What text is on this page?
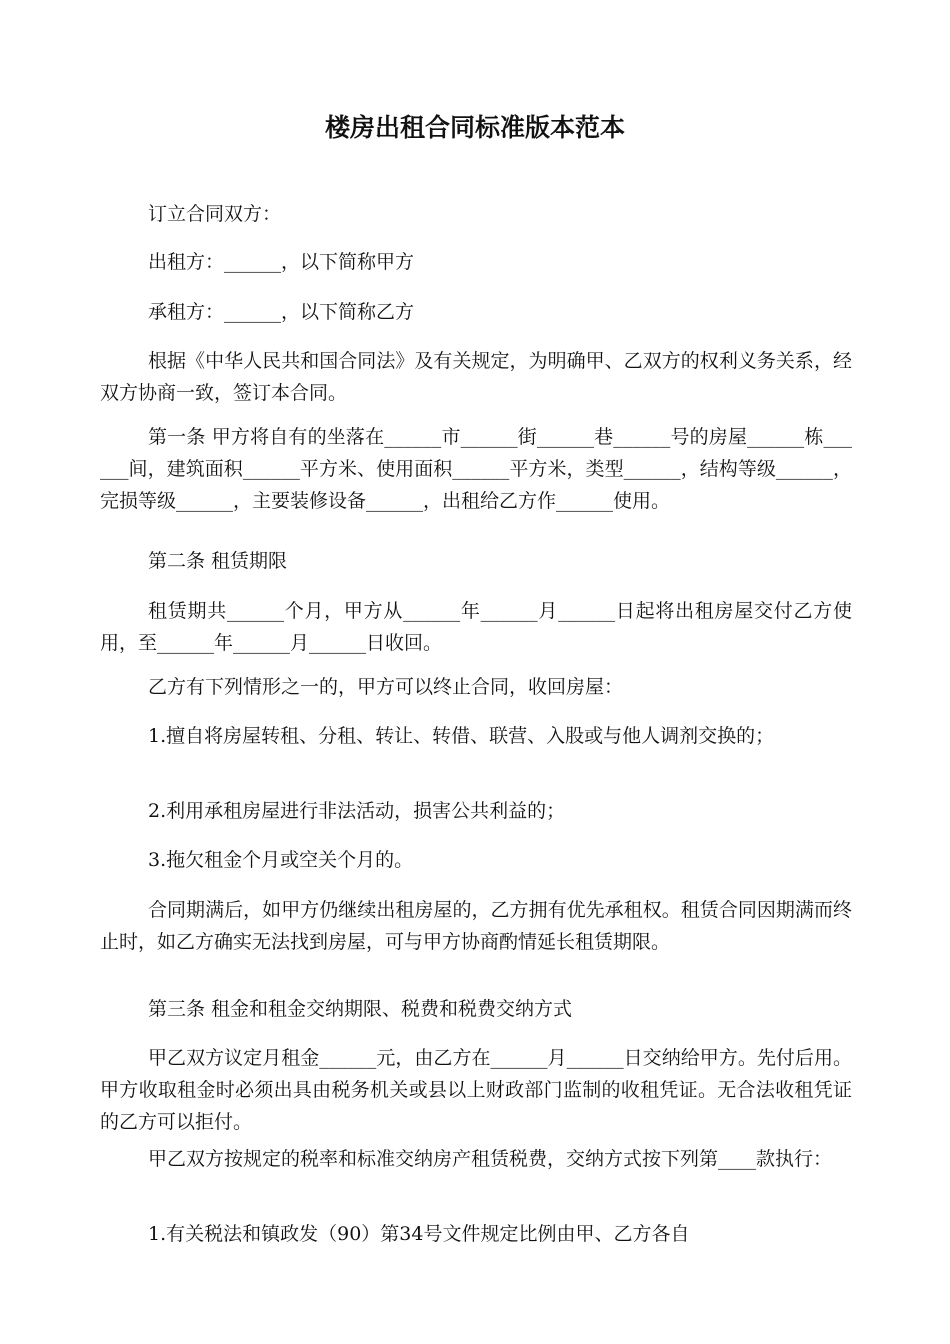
楼房出租合同标准版本范本

订立合同双方：

出租方：______，以下简称甲方

承租方：______，以下简称乙方

根据《中华人民共和国合同法》及有关规定，为明确甲、乙双方的权利义务关系，经双方协商一致，签订本合同。

第一条 甲方将自有的坐落在______市______街______巷______号的房屋______栋______间，建筑面积______平方米、使用面积______平方米，类型______，结构等级______，完损等级______，主要装修设备______，出租给乙方作______使用。

第二条 租赁期限

租赁期共______个月，甲方从______年______月______日起将出租房屋交付乙方使用，至______年______月______日收回。

乙方有下列情形之一的，甲方可以终止合同，收回房屋：

1.擅自将房屋转租、分租、转让、转借、联营、入股或与他人调剂交换的；

2.利用承租房屋进行非法活动，损害公共利益的；

3.拖欠租金个月或空关个月的。

合同期满后，如甲方仍继续出租房屋的，乙方拥有优先承租权。租赁合同因期满而终止时，如乙方确实无法找到房屋，可与甲方协商酌情延长租赁期限。

第三条 租金和租金交纳期限、税费和税费交纳方式

甲乙双方议定月租金______元，由乙方在______月______日交纳给甲方。先付后用。甲方收取租金时必须出具由税务机关或县以上财政部门监制的收租凭证。无合法收租凭证的乙方可以拒付。

甲乙双方按规定的税率和标准交纳房产租赁税费，交纳方式按下列第____款执行：

1.有关税法和镇政发（90）第34号文件规定比例由甲、乙方各自
